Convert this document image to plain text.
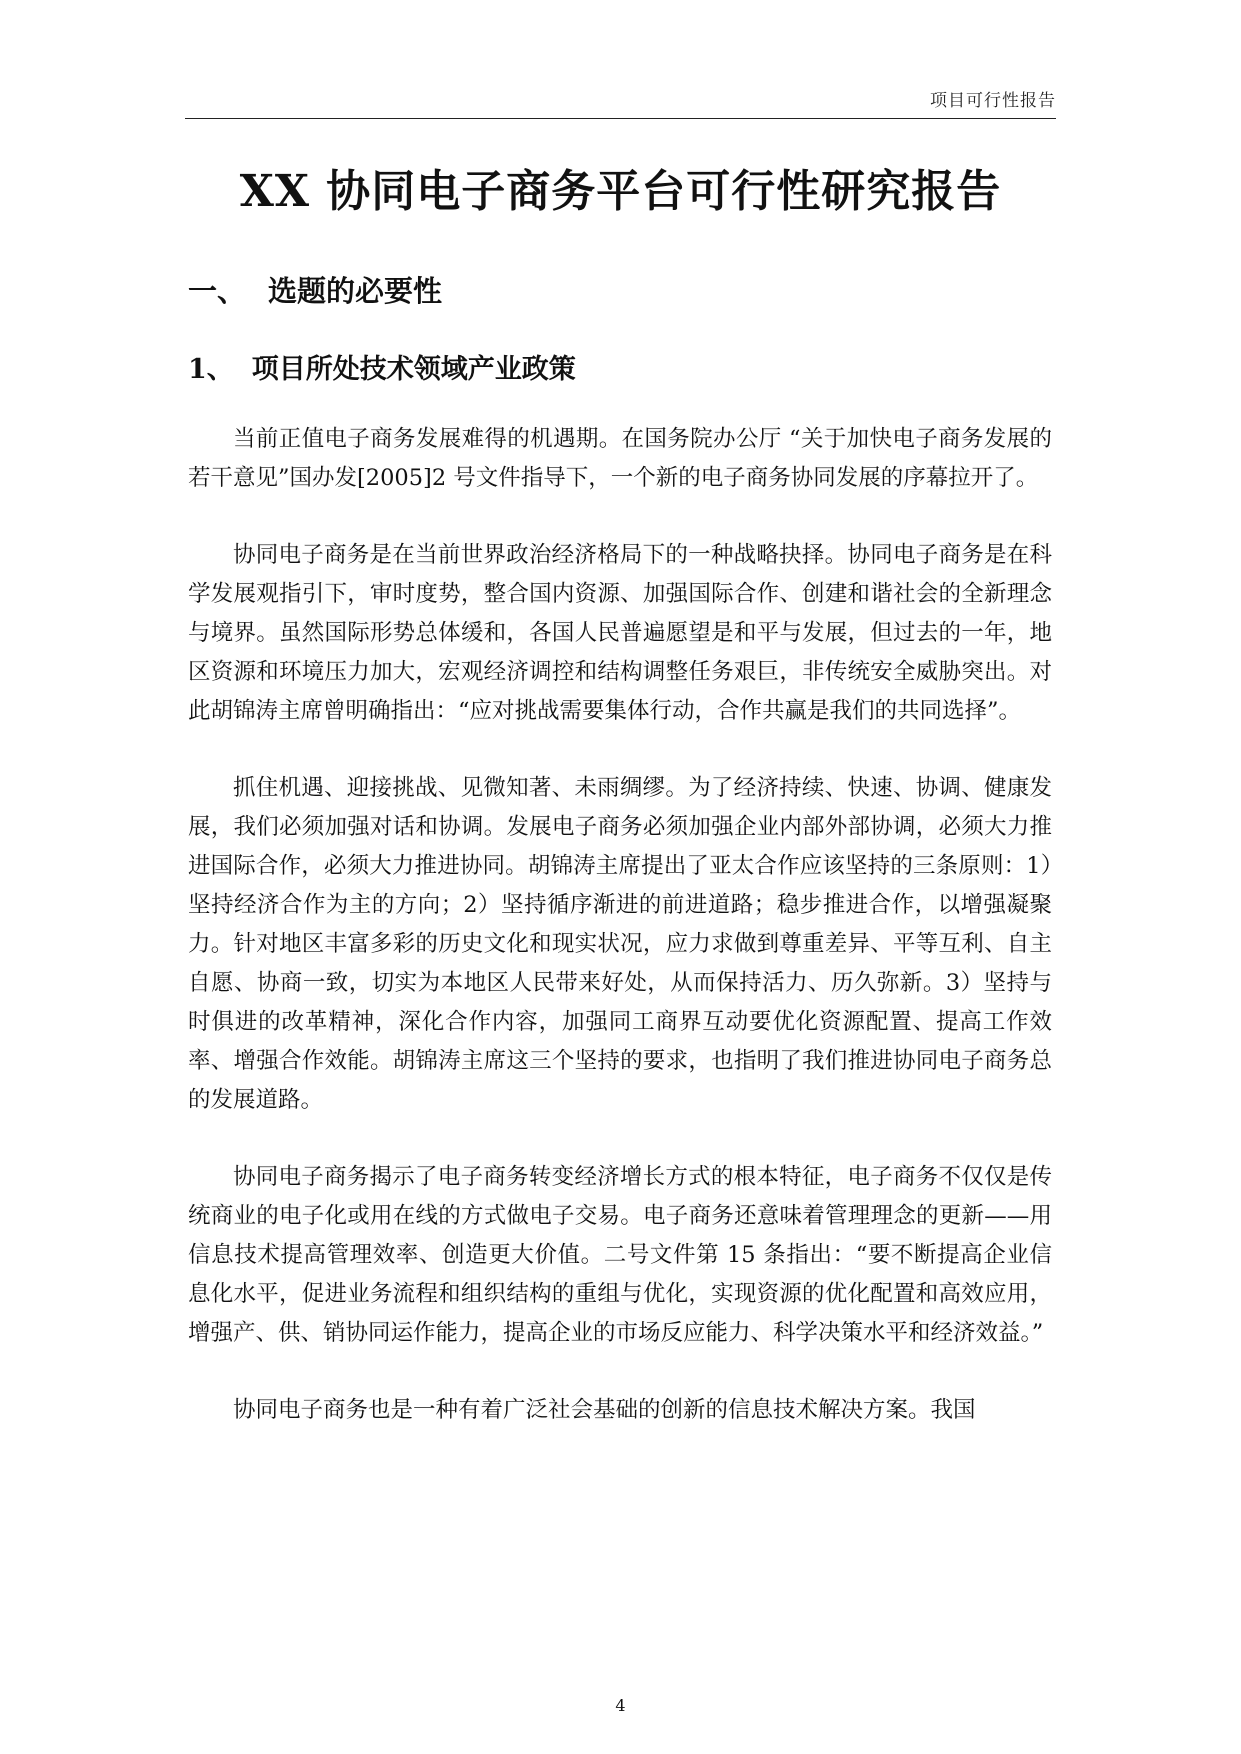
项目可行性报告
XX 协同电子商务平台可行性研究报告
一、 选题的必要性
1、 项目所处技术领域产业政策

当前正值电子商务发展难得的机遇期。在国务院办公厅 “关于加快电子商务发展的若干意见”国办发[2005]2 号文件指导下，一个新的电子商务协同发展的序幕拉开了。

协同电子商务是在当前世界政治经济格局下的一种战略抉择。协同电子商务是在科学发展观指引下，审时度势，整合国内资源、加强国际合作、创建和谐社会的全新理念与境界。虽然国际形势总体缓和，各国人民普遍愿望是和平与发展，但过去的一年，地区资源和环境压力加大，宏观经济调控和结构调整任务艰巨，非传统安全威胁突出。对此胡锦涛主席曾明确指出：“应对挑战需要集体行动，合作共赢是我们的共同选择”。

抓住机遇、迎接挑战、见微知著、未雨绸缪。为了经济持续、快速、协调、健康发展，我们必须加强对话和协调。发展电子商务必须加强企业内部外部协调，必须大力推进国际合作，必须大力推进协同。胡锦涛主席提出了亚太合作应该坚持的三条原则：1）坚持经济合作为主的方向；2）坚持循序渐进的前进道路；稳步推进合作，以增强凝聚力。针对地区丰富多彩的历史文化和现实状况，应力求做到尊重差异、平等互利、自主自愿、协商一致，切实为本地区人民带来好处，从而保持活力、历久弥新。3）坚持与时俱进的改革精神，深化合作内容，加强同工商界互动要优化资源配置、提高工作效率、增强合作效能。胡锦涛主席这三个坚持的要求，也指明了我们推进协同电子商务总的发展道路。

协同电子商务揭示了电子商务转变经济增长方式的根本特征，电子商务不仅仅是传统商业的电子化或用在线的方式做电子交易。电子商务还意味着管理理念的更新——用信息技术提高管理效率、创造更大价值。二号文件第 15 条指出：“要不断提高企业信息化水平，促进业务流程和组织结构的重组与优化，实现资源的优化配置和高效应用，增强产、供、销协同运作能力，提高企业的市场反应能力、科学决策水平和经济效益。”

协同电子商务也是一种有着广泛社会基础的创新的信息技术解决方案。我国

4
